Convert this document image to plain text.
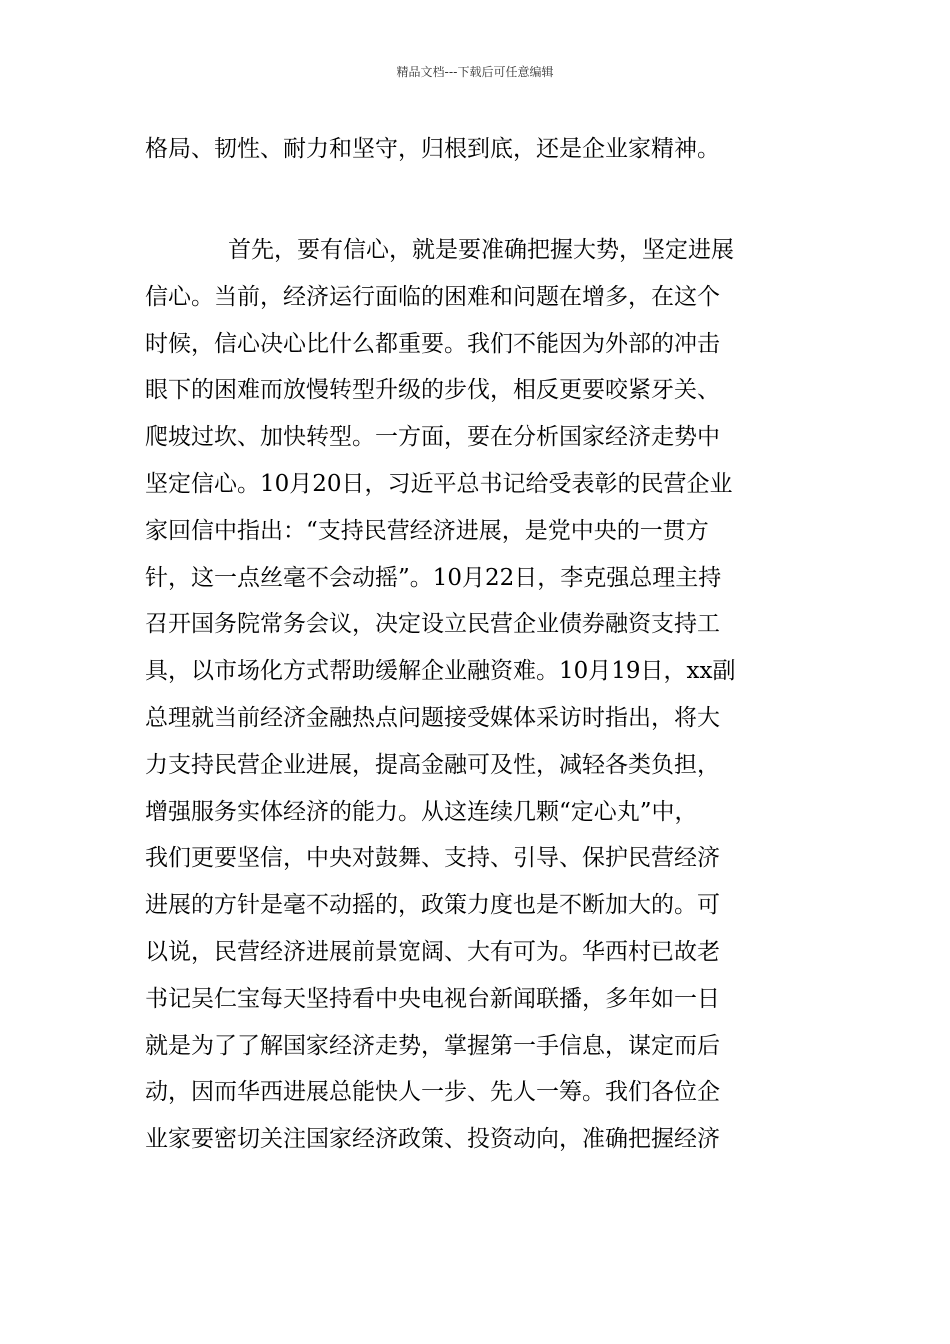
精品文档---下载后可任意编辑
格局、韧性、耐力和坚守，归根到底，还是企业家精神。
首先，要有信心，就是要准确把握大势，坚定进展
信心。当前，经济运行面临的困难和问题在增多，在这个
时候，信心决心比什么都重要。我们不能因为外部的冲击
眼下的困难而放慢转型升级的步伐，相反更要咬紧牙关、
爬坡过坎、加快转型。一方面，要在分析国家经济走势中
坚定信心。10月20日，习近平总书记给受表彰的民营企业
家回信中指出：“支持民营经济进展，是党中央的一贯方
针，这一点丝毫不会动摇”。10月22日，李克强总理主持
召开国务院常务会议，决定设立民营企业债券融资支持工
具，以市场化方式帮助缓解企业融资难。10月19日，xx副
总理就当前经济金融热点问题接受媒体采访时指出，将大
力支持民营企业进展，提高金融可及性，减轻各类负担，
增强服务实体经济的能力。从这连续几颗“定心丸”中，
我们更要坚信，中央对鼓舞、支持、引导、保护民营经济
进展的方针是毫不动摇的，政策力度也是不断加大的。可
以说，民营经济进展前景宽阔、大有可为。华西村已故老
书记吴仁宝每天坚持看中央电视台新闻联播，多年如一日
就是为了了解国家经济走势，掌握第一手信息，谋定而后
动，因而华西进展总能快人一步、先人一筹。我们各位企
业家要密切关注国家经济政策、投资动向，准确把握经济
